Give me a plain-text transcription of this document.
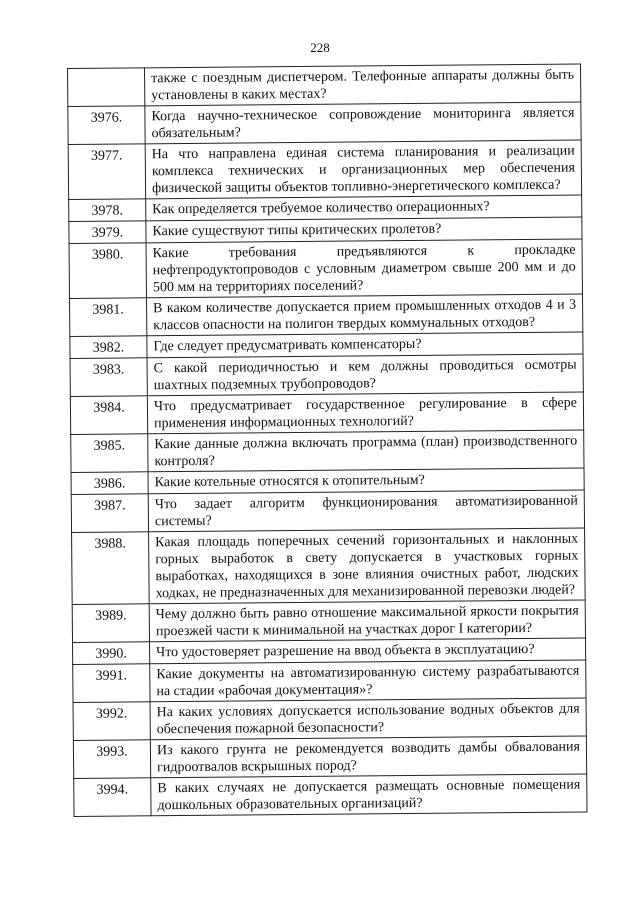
228
	также с поездным диспетчером. Телефонные аппараты должны быть установлены в каких местах?
3976.	Когда научно-техническое сопровождение мониторинга является обязательным?
3977.	На что направлена единая система планирования и реализации комплекса технических и организационных мер обеспечения физической защиты объектов топливно-энергетического комплекса?
3978.	Как определяется требуемое количество операционных?
3979.	Какие существуют типы критических пролетов?
3980.	Какие требования предъявляются к прокладке нефтепродуктопроводов с условным диаметром свыше 200 мм и до 500 мм на территориях поселений?
3981.	В каком количестве допускается прием промышленных отходов 4 и 3 классов опасности на полигон твердых коммунальных отходов?
3982.	Где следует предусматривать компенсаторы?
3983.	С какой периодичностью и кем должны проводиться осмотры шахтных подземных трубопроводов?
3984.	Что предусматривает государственное регулирование в сфере применения информационных технологий?
3985.	Какие данные должна включать программа (план) производственного контроля?
3986.	Какие котельные относятся к отопительным?
3987.	Что задает алгоритм функционирования автоматизированной системы?
3988.	Какая площадь поперечных сечений горизонтальных и наклонных горных выработок в свету допускается в участковых горных выработках, находящихся в зоне влияния очистных работ, людских ходках, не предназначенных для механизированной перевозки людей?
3989.	Чему должно быть равно отношение максимальной яркости покрытия проезжей части к минимальной на участках дорог I категории?
3990.	Что удостоверяет разрешение на ввод объекта в эксплуатацию?
3991.	Какие документы на автоматизированную систему разрабатываются на стадии «рабочая документация»?
3992.	На каких условиях допускается использование водных объектов для обеспечения пожарной безопасности?
3993.	Из какого грунта не рекомендуется возводить дамбы обвалования гидроотвалов вскрышных пород?
3994.	В каких случаях не допускается размещать основные помещения дошкольных образовательных организаций?
